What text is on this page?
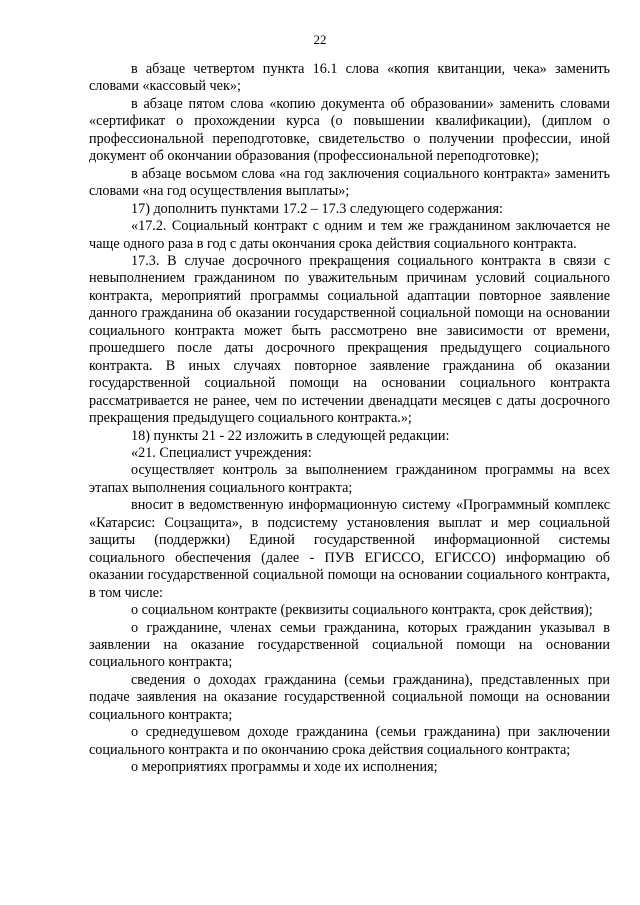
22

в абзаце четвертом пункта 16.1 слова «копия квитанции, чека» заменить словами «кассовый чек»;

в абзаце пятом слова «копию документа об образовании» заменить словами «сертификат о прохождении курса (о повышении квалификации), (диплом о профессиональной переподготовке, свидетельство о получении профессии, иной документ об окончании образования (профессиональной переподготовке);

в абзаце восьмом слова «на год заключения социального контракта» заменить словами «на год осуществления выплаты»;

17) дополнить пунктами 17.2 – 17.3 следующего содержания:

«17.2. Социальный контракт с одним и тем же гражданином заключается не чаще одного раза в год с даты окончания срока действия социального контракта.

17.3. В случае досрочного прекращения социального контракта в связи с невыполнением гражданином по уважительным причинам условий социального контракта, мероприятий программы социальной адаптации повторное заявление данного гражданина об оказании государственной социальной помощи на основании социального контракта может быть рассмотрено вне зависимости от времени, прошедшего после даты досрочного прекращения предыдущего социального контракта. В иных случаях повторное заявление гражданина об оказании государственной социальной помощи на основании социального контракта рассматривается не ранее, чем по истечении двенадцати месяцев с даты досрочного прекращения предыдущего социального контракта.»;

18) пункты 21 - 22 изложить в следующей редакции:

«21. Специалист учреждения:

осуществляет контроль за выполнением гражданином программы на всех этапах выполнения социального контракта;

вносит в ведомственную информационную систему «Программный комплекс «Катарсис: Соцзащита», в подсистему установления выплат и мер социальной защиты (поддержки) Единой государственной информационной системы социального обеспечения (далее - ПУВ ЕГИССО, ЕГИССО) информацию об оказании государственной социальной помощи на основании социального контракта, в том числе:

о социальном контракте (реквизиты социального контракта, срок действия);

о гражданине, членах семьи гражданина, которых гражданин указывал в заявлении на оказание государственной социальной помощи на основании социального контракта;

сведения о доходах гражданина (семьи гражданина), представленных при подаче заявления на оказание государственной социальной помощи на основании социального контракта;

о среднедушевом доходе гражданина (семьи гражданина) при заключении социального контракта и по окончанию срока действия социального контракта;

о мероприятиях программы и ходе их исполнения;
